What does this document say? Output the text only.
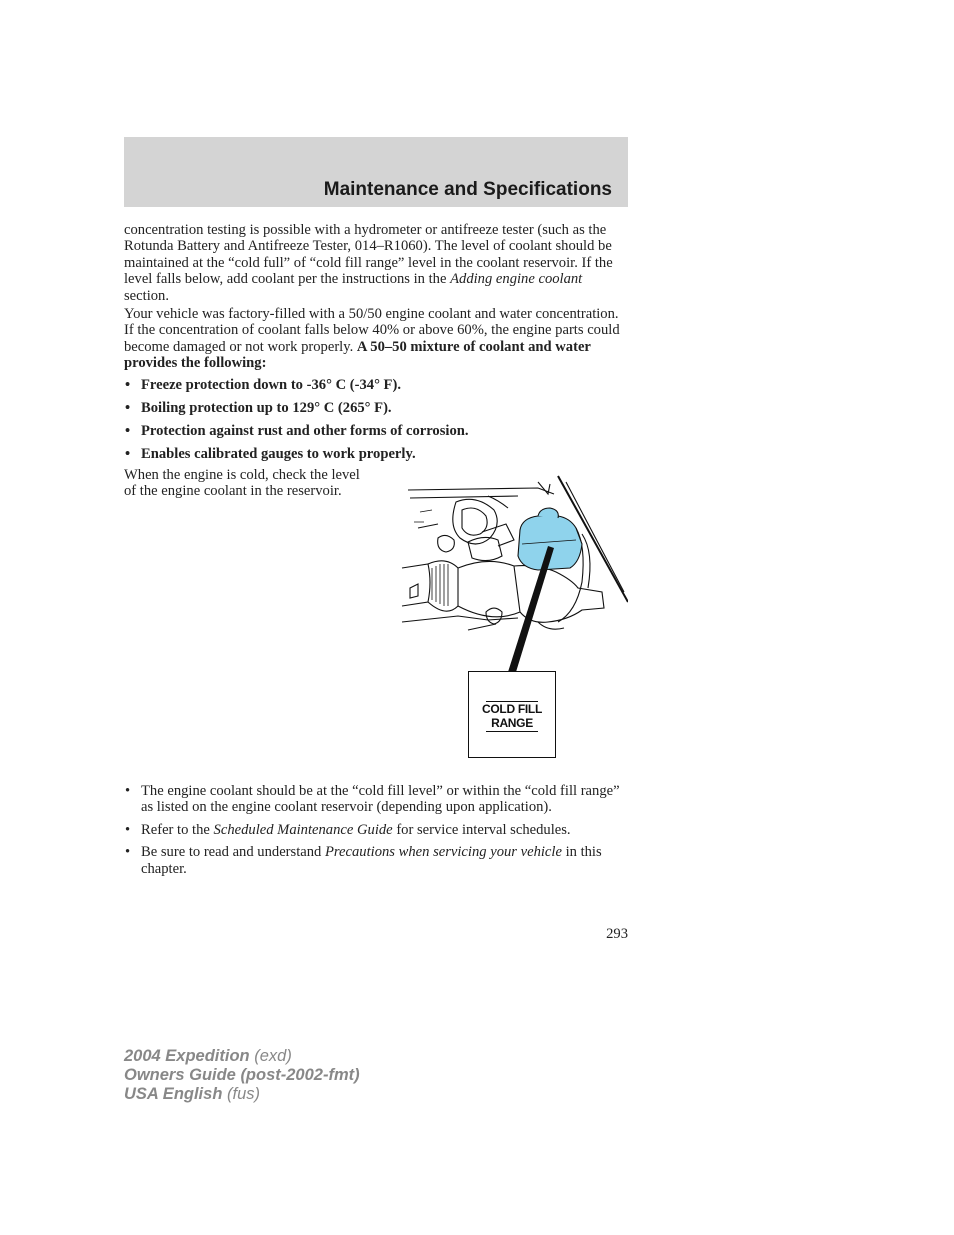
Maintenance and Specifications

concentration testing is possible with a hydrometer or antifreeze tester (such as the Rotunda Battery and Antifreeze Tester, 014–R1060). The level of coolant should be maintained at the “cold full” of “cold fill range” level in the coolant reservoir. If the level falls below, add coolant per the instructions in the Adding engine coolant section.

Your vehicle was factory-filled with a 50/50 engine coolant and water concentration. If the concentration of coolant falls below 40% or above 60%, the engine parts could become damaged or not work properly. A 50–50 mixture of coolant and water provides the following:

• Freeze protection down to -36° C (-34° F).
• Boiling protection up to 129° C (265° F).
• Protection against rust and other forms of corrosion.
• Enables calibrated gauges to work properly.

When the engine is cold, check the level of the engine coolant in the reservoir.

COLD FILL
RANGE
• The engine coolant should be at the “cold fill level” or within the “cold fill range” as listed on the engine coolant reservoir (depending upon application).
• Refer to the Scheduled Maintenance Guide for service interval schedules.
• Be sure to read and understand Precautions when servicing your vehicle in this chapter.
293
2004 Expedition (exd)
Owners Guide (post-2002-fmt)
USA English (fus)
